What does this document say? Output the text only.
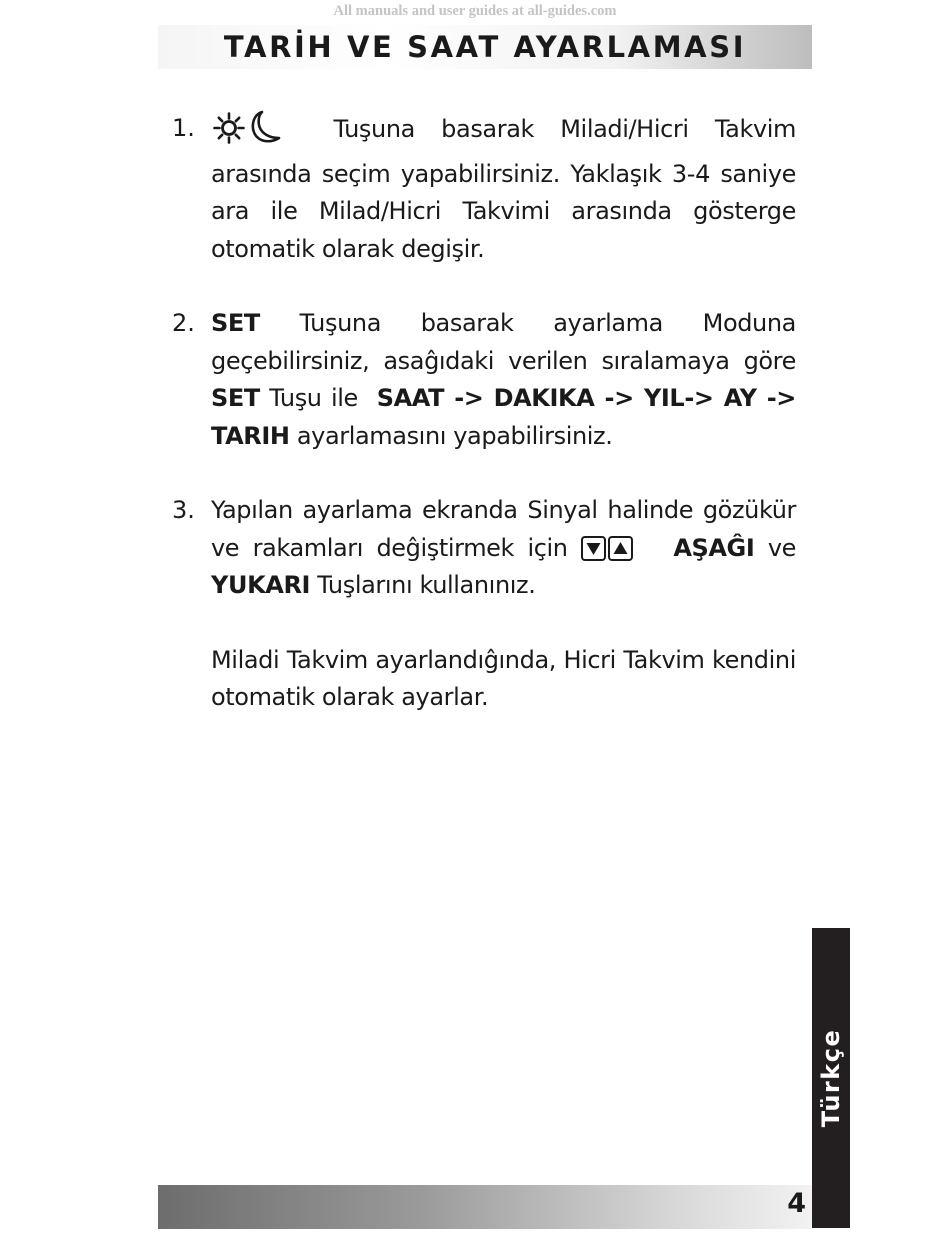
All manuals and user guides at all-guides.com
TARİH VE SAAT AYARLAMASI
1.	Tuşuna basarak Miladi/Hicri Takvim arasında seçim yapabilirsiniz. Yaklaşık 3-4 saniye ara ile Milad/Hicri Takvimi arasında gösterge otomatik olarak degişir.
2. SET Tuşuna basarak ayarlama Moduna geçebilirsiniz, asaĝıdaki verilen sıralamaya göre SET Tuşu ile SAAT -> DAKIKA -> YIL-> AY -> TARIH ayarlamasını yapabilirsiniz.
3. Yapılan ayarlama ekranda Sinyal halinde gözükür ve rakamları deĝiştirmek için	AŞAĜI ve YUKARI Tuşlarını kullanınız.
Miladi Takvim ayarlandıĝında, Hicri Takvim kendini otomatik olarak ayarlar.
Türkçe
4
